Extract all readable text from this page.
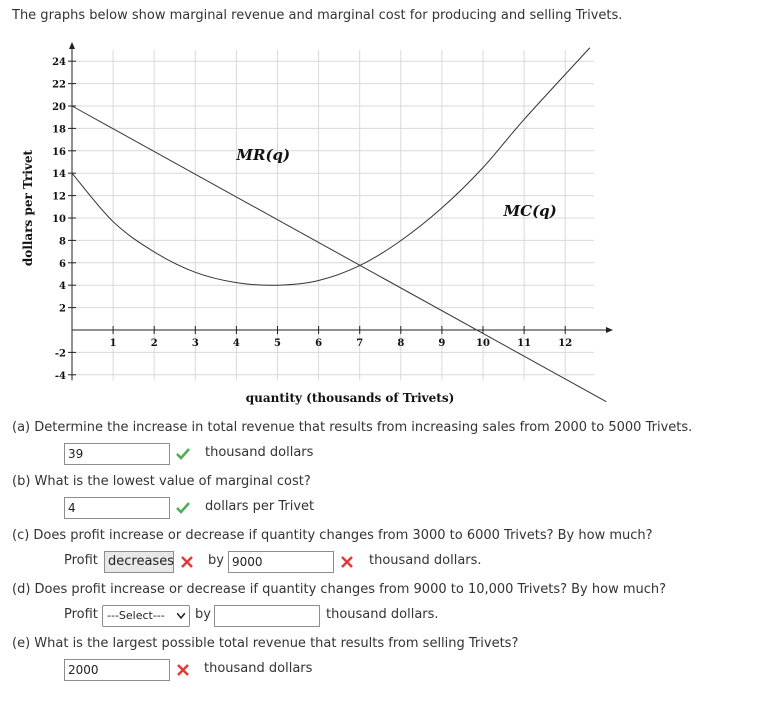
The graphs below show marginal revenue and marginal cost for producing and selling Trivets.
1	2	3	4	5	6	7	8	9	10	11	12
-4
-2
2
4
6
8
10
12
14
16
18
20
22
24
MR(q)
MC(q)
quantity (thousands of Trivets)
dollars per Trivet
(a) Determine the increase in total revenue that results from increasing sales from 2000 to 5000 Trivets.
39	thousand dollars
(b) What is the lowest value of marginal cost?
4	dollars per Trivet
(c) Does profit increase or decrease if quantity changes from 3000 to 6000 Trivets? By how much?
Profit decreases	by 9000	thousand dollars.
(d) Does profit increase or decrease if quantity changes from 9000 to 10,000 Trivets? By how much?
Profit ---Select---	by	thousand dollars.
(e) What is the largest possible total revenue that results from selling Trivets?
2000	thousand dollars
